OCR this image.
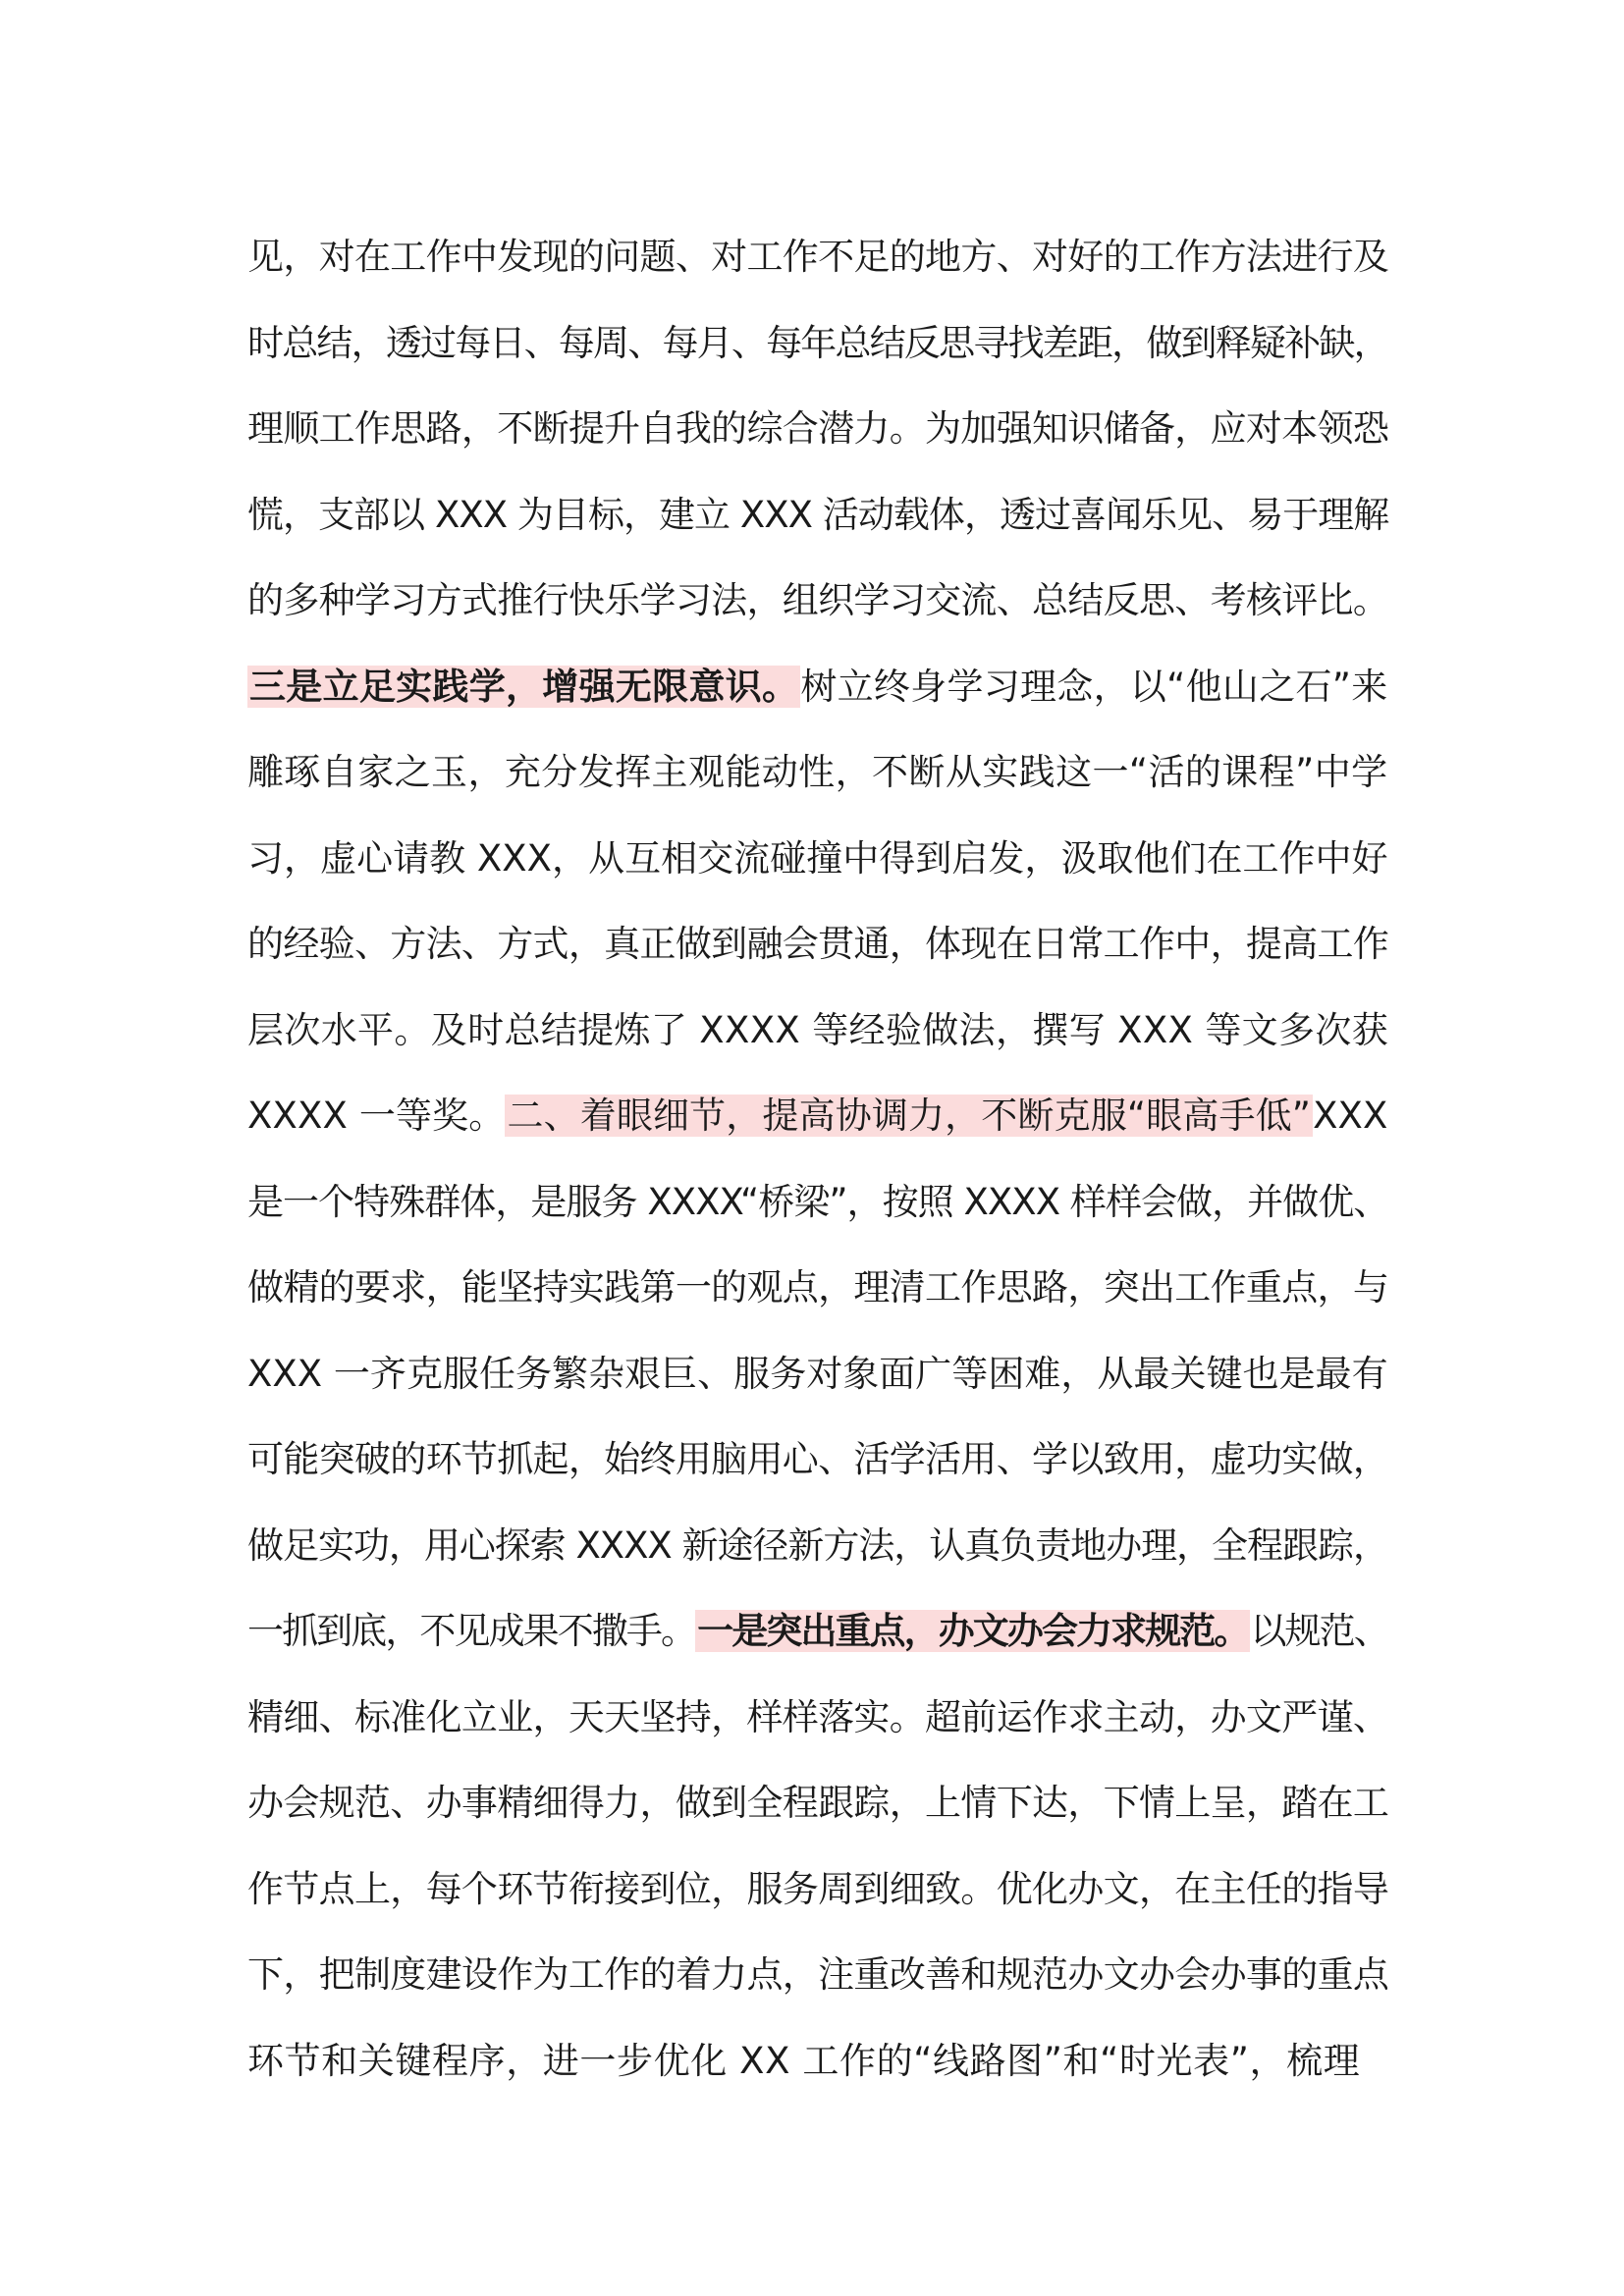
见，对在工作中发现的问题、对工作不足的地方、对好的工作方法进行及
时总结，透过每日、每周、每月、每年总结反思寻找差距，做到释疑补缺，
理顺工作思路，不断提升自我的综合潜力。为加强知识储备，应对本领恐
慌，支部以 XXX 为目标，建立 XXX 活动载体，透过喜闻乐见、易于理解
的多种学习方式推行快乐学习法，组织学习交流、总结反思、考核评比。
三是立足实践学，增强无限意识。树立终身学习理念，以“他山之石”来
雕琢自家之玉，充分发挥主观能动性，不断从实践这一“活的课程”中学
习，虚心请教 XXX，从互相交流碰撞中得到启发，汲取他们在工作中好
的经验、方法、方式，真正做到融会贯通，体现在日常工作中，提高工作
层次水平。及时总结提炼了 XXXX 等经验做法，撰写 XXX 等文多次获
XXXX 一等奖。二、着眼细节，提高协调力，不断克服“眼高手低”XXX
是一个特殊群体，是服务 XXXX“桥梁”，按照 XXXX 样样会做，并做优、
做精的要求，能坚持实践第一的观点，理清工作思路，突出工作重点，与
XXX 一齐克服任务繁杂艰巨、服务对象面广等困难，从最关键也是最有
可能突破的环节抓起，始终用脑用心、活学活用、学以致用，虚功实做，
做足实功，用心探索 XXXX 新途径新方法，认真负责地办理，全程跟踪，
一抓到底，不见成果不撒手。一是突出重点，办文办会力求规范。以规范、
精细、标准化立业，天天坚持，样样落实。超前运作求主动，办文严谨、
办会规范、办事精细得力，做到全程跟踪，上情下达，下情上呈，踏在工
作节点上，每个环节衔接到位，服务周到细致。优化办文，在主任的指导
下，把制度建设作为工作的着力点，注重改善和规范办文办会办事的重点
环节和关键程序，进一步优化 XX 工作的“线路图”和“时光表”，梳理
